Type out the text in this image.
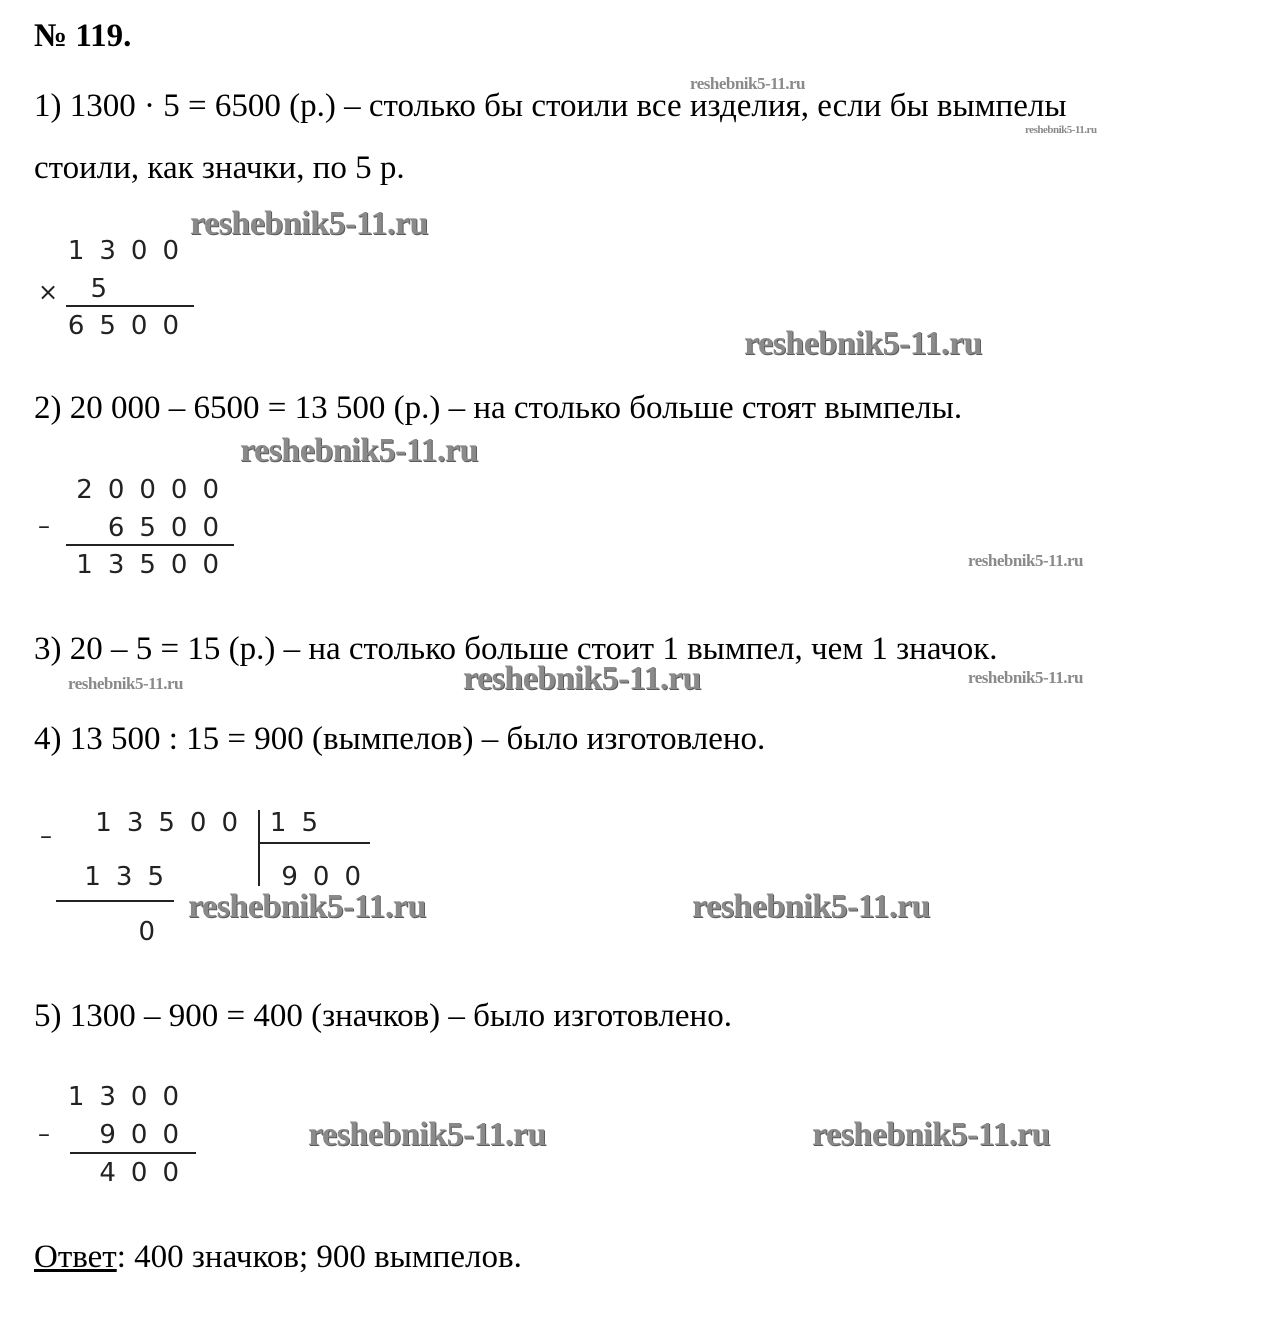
№ 119.
1) 1300 · 5 = 6500 (р.) – столько бы стоили все изделия, если бы вымпелы
стоили, как значки, по 5 р.
1300
× 5
6500
2) 20 000 – 6500 = 13 500 (р.) – на столько больше стоят вымпелы.
20000
– 6500
13500
3) 20 – 5 = 15 (р.) – на столько больше стоит 1 вымпел, чем 1 значок.
4) 13 500 : 15 = 900 (вымпелов) – было изготовлено.
– 13500 15
135	900
0
5) 1300 – 900 = 400 (значков) – было изготовлено.
1300
– 900
400
Ответ: 400 значков; 900 вымпелов.
reshebnik5-11.ru
reshebnik5-11.ru
reshebnik5-11.ru
reshebnik5-11.ru
reshebnik5-11.ru
reshebnik5-11.ru
reshebnik5-11.ru	reshebnik5-11.ru	reshebnik5-11.ru
reshebnik5-11.ru	reshebnik5-11.ru
reshebnik5-11.ru	reshebnik5-11.ru
